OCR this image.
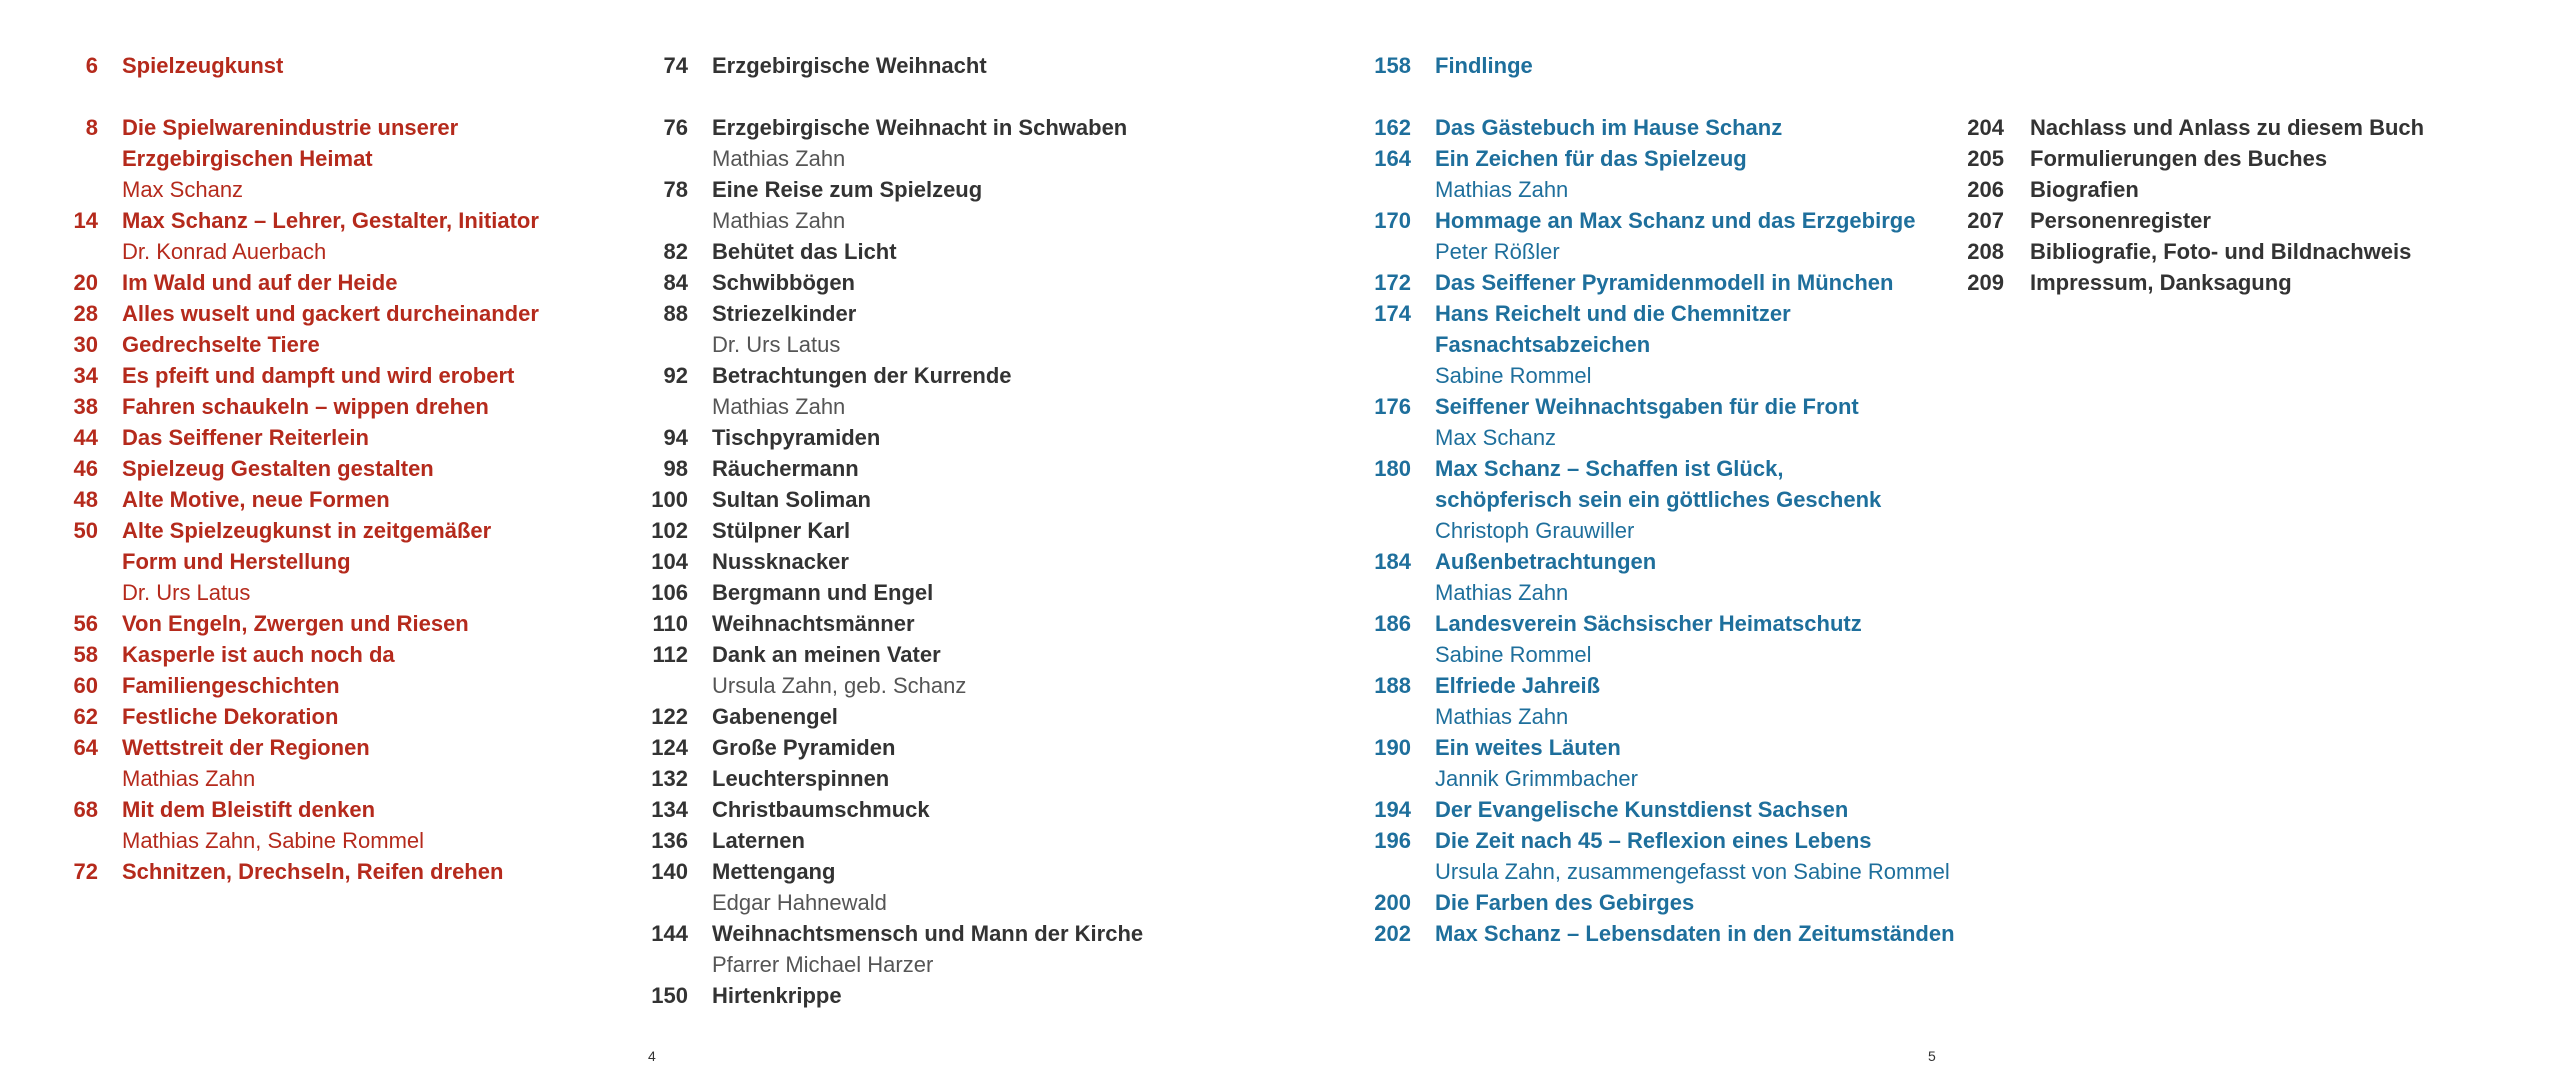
6 Spielzeugkunst
8 Die Spielwarenindustrie unserer
Erzgebirgischen Heimat
Max Schanz
14 Max Schanz – Lehrer, Gestalter, Initiator
Dr. Konrad Auerbach
20 Im Wald und auf der Heide
28 Alles wuselt und gackert durcheinander
30 Gedrechselte Tiere
34 Es pfeift und dampft und wird erobert
38 Fahren schaukeln – wippen drehen
44 Das Seiffener Reiterlein
46 Spielzeug Gestalten gestalten
48 Alte Motive, neue Formen
50 Alte Spielzeugkunst in zeitgemäßer
Form und Herstellung
Dr. Urs Latus
56 Von Engeln, Zwergen und Riesen
58 Kasperle ist auch noch da
60 Familiengeschichten
62 Festliche Dekoration
64 Wettstreit der Regionen
Mathias Zahn
68 Mit dem Bleistift denken
Mathias Zahn, Sabine Rommel
72 Schnitzen, Drechseln, Reifen drehen
74 Erzgebirgische Weihnacht
76 Erzgebirgische Weihnacht in Schwaben
Mathias Zahn
78 Eine Reise zum Spielzeug
Mathias Zahn
82 Behütet das Licht
84 Schwibbögen
88 Striezelkinder
Dr. Urs Latus
92 Betrachtungen der Kurrende
Mathias Zahn
94 Tischpyramiden
98 Räuchermann
100 Sultan Soliman
102 Stülpner Karl
104 Nussknacker
106 Bergmann und Engel
110 Weihnachtsmänner
112 Dank an meinen Vater
Ursula Zahn, geb. Schanz
122 Gabenengel
124 Große Pyramiden
132 Leuchterspinnen
134 Christbaumschmuck
136 Laternen
140 Mettengang
Edgar Hahnewald
144 Weihnachtsmensch und Mann der Kirche
Pfarrer Michael Harzer
150 Hirtenkrippe
158 Findlinge
162 Das Gästebuch im Hause Schanz
164 Ein Zeichen für das Spielzeug
Mathias Zahn
170 Hommage an Max Schanz und das Erzgebirge
Peter Rößler
172 Das Seiffener Pyramidenmodell in München
174 Hans Reichelt und die Chemnitzer
Fasnachtsabzeichen
Sabine Rommel
176 Seiffener Weihnachtsgaben für die Front
Max Schanz
180 Max Schanz – Schaffen ist Glück,
schöpferisch sein ein göttliches Geschenk
Christoph Grauwiller
184 Außenbetrachtungen
Mathias Zahn
186 Landesverein Sächsischer Heimatschutz
Sabine Rommel
188 Elfriede Jahreiß
Mathias Zahn
190 Ein weites Läuten
Jannik Grimmbacher
194 Der Evangelische Kunstdienst Sachsen
196 Die Zeit nach 45 – Reflexion eines Lebens
Ursula Zahn, zusammengefasst von Sabine Rommel
200 Die Farben des Gebirges
202 Max Schanz – Lebensdaten in den Zeitumständen
204 Nachlass und Anlass zu diesem Buch
205 Formulierungen des Buches
206 Biografien
207 Personenregister
208 Bibliografie, Foto- und Bildnachweis
209 Impressum, Danksagung
4	5
